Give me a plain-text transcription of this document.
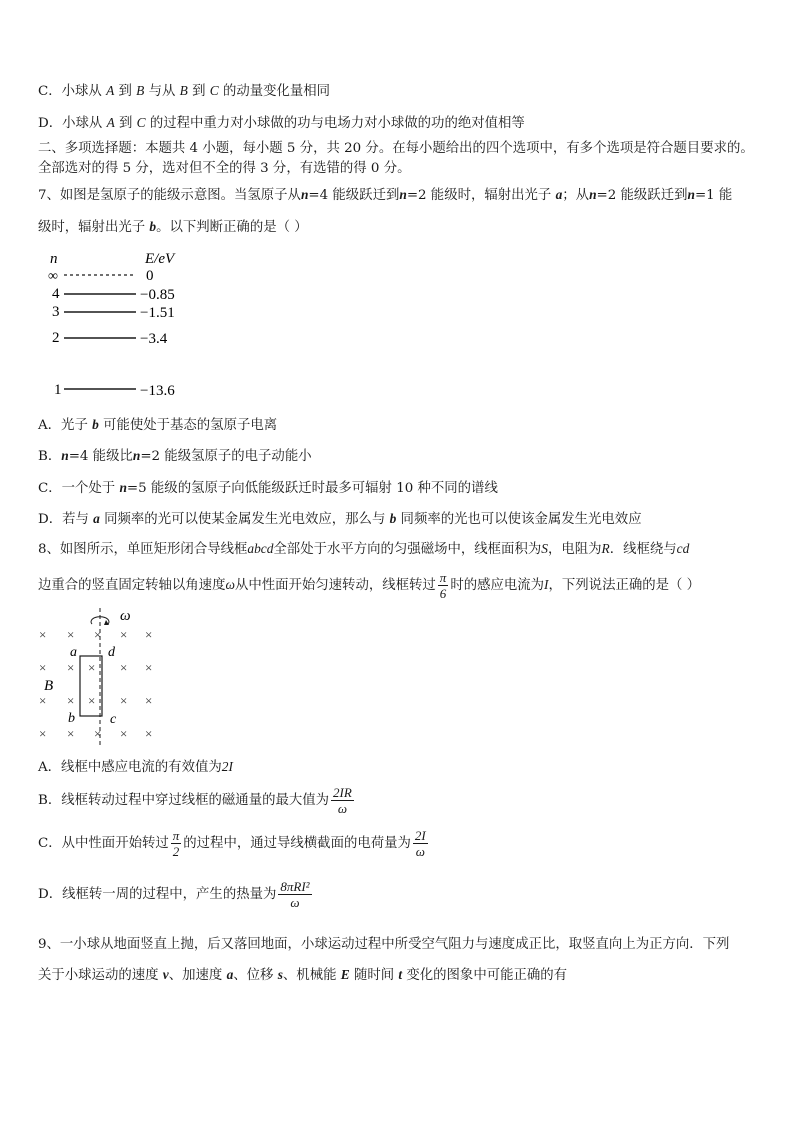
C．小球从 A 到 B 与从 B 到 C 的动量变化量相同
D．小球从 A 到 C 的过程中重力对小球做的功与电场力对小球做的功的绝对值相等
二、多项选择题：本题共 4 小题，每小题 5 分，共 20 分。在每小题给出的四个选项中，有多个选项是符合题目要求的。
全部选对的得 5 分，选对但不全的得 3 分，有选错的得 0 分。
7、如图是氢原子的能级示意图。当氢原子从n=4 能级跃迁到n=2 能级时，辐射出光子 a；从n=2 能级跃迁到n=1 能
级时，辐射出光子 b。以下判断正确的是（ ）
n	E/eV
∞	0
4	−0.85
3	−1.51
2	−3.4
1	−13.6
A．光子 b 可能使处于基态的氢原子电离
B．n=4 能级比n=2 能级氢原子的电子动能小
C．一个处于 n=5 能级的氢原子向低能级跃迁时最多可辐射 10 种不同的谱线
D．若与 a 同频率的光可以使某金属发生光电效应，那么与 b 同频率的光也可以使该金属发生光电效应
8、如图所示，单匝矩形闭合导线框abcd全部处于水平方向的匀强磁场中，线框面积为S，电阻为R．线框绕与cd
边重合的竖直固定转轴以角速度ω从中性面开始匀速转动，线框转过 $\frac{\pi}{6}$ 时的感应电流为I，下列说法正确的是（ ）
ω
a d
b	c
B
× × × × ×
× × × × ×
× × × × ×
× × × × ×
A．线框中感应电流的有效值为2I
B．线框转动过程中穿过线框的磁通量的最大值为 $\frac{2IR}{\omega}$
C．从中性面开始转过 $\frac{\pi}{2}$ 的过程中，通过导线横截面的电荷量为 $\frac{2I}{\omega}$
D．线框转一周的过程中，产生的热量为 $\frac{\text{8πRI²}}{\omega}$
9、一小球从地面竖直上抛，后又落回地面，小球运动过程中所受空气阻力与速度成正比，取竖直向上为正方向．下列
关于小球运动的速度 v、加速度 a、位移 s、机械能 E 随时间 t 变化的图象中可能正确的有
